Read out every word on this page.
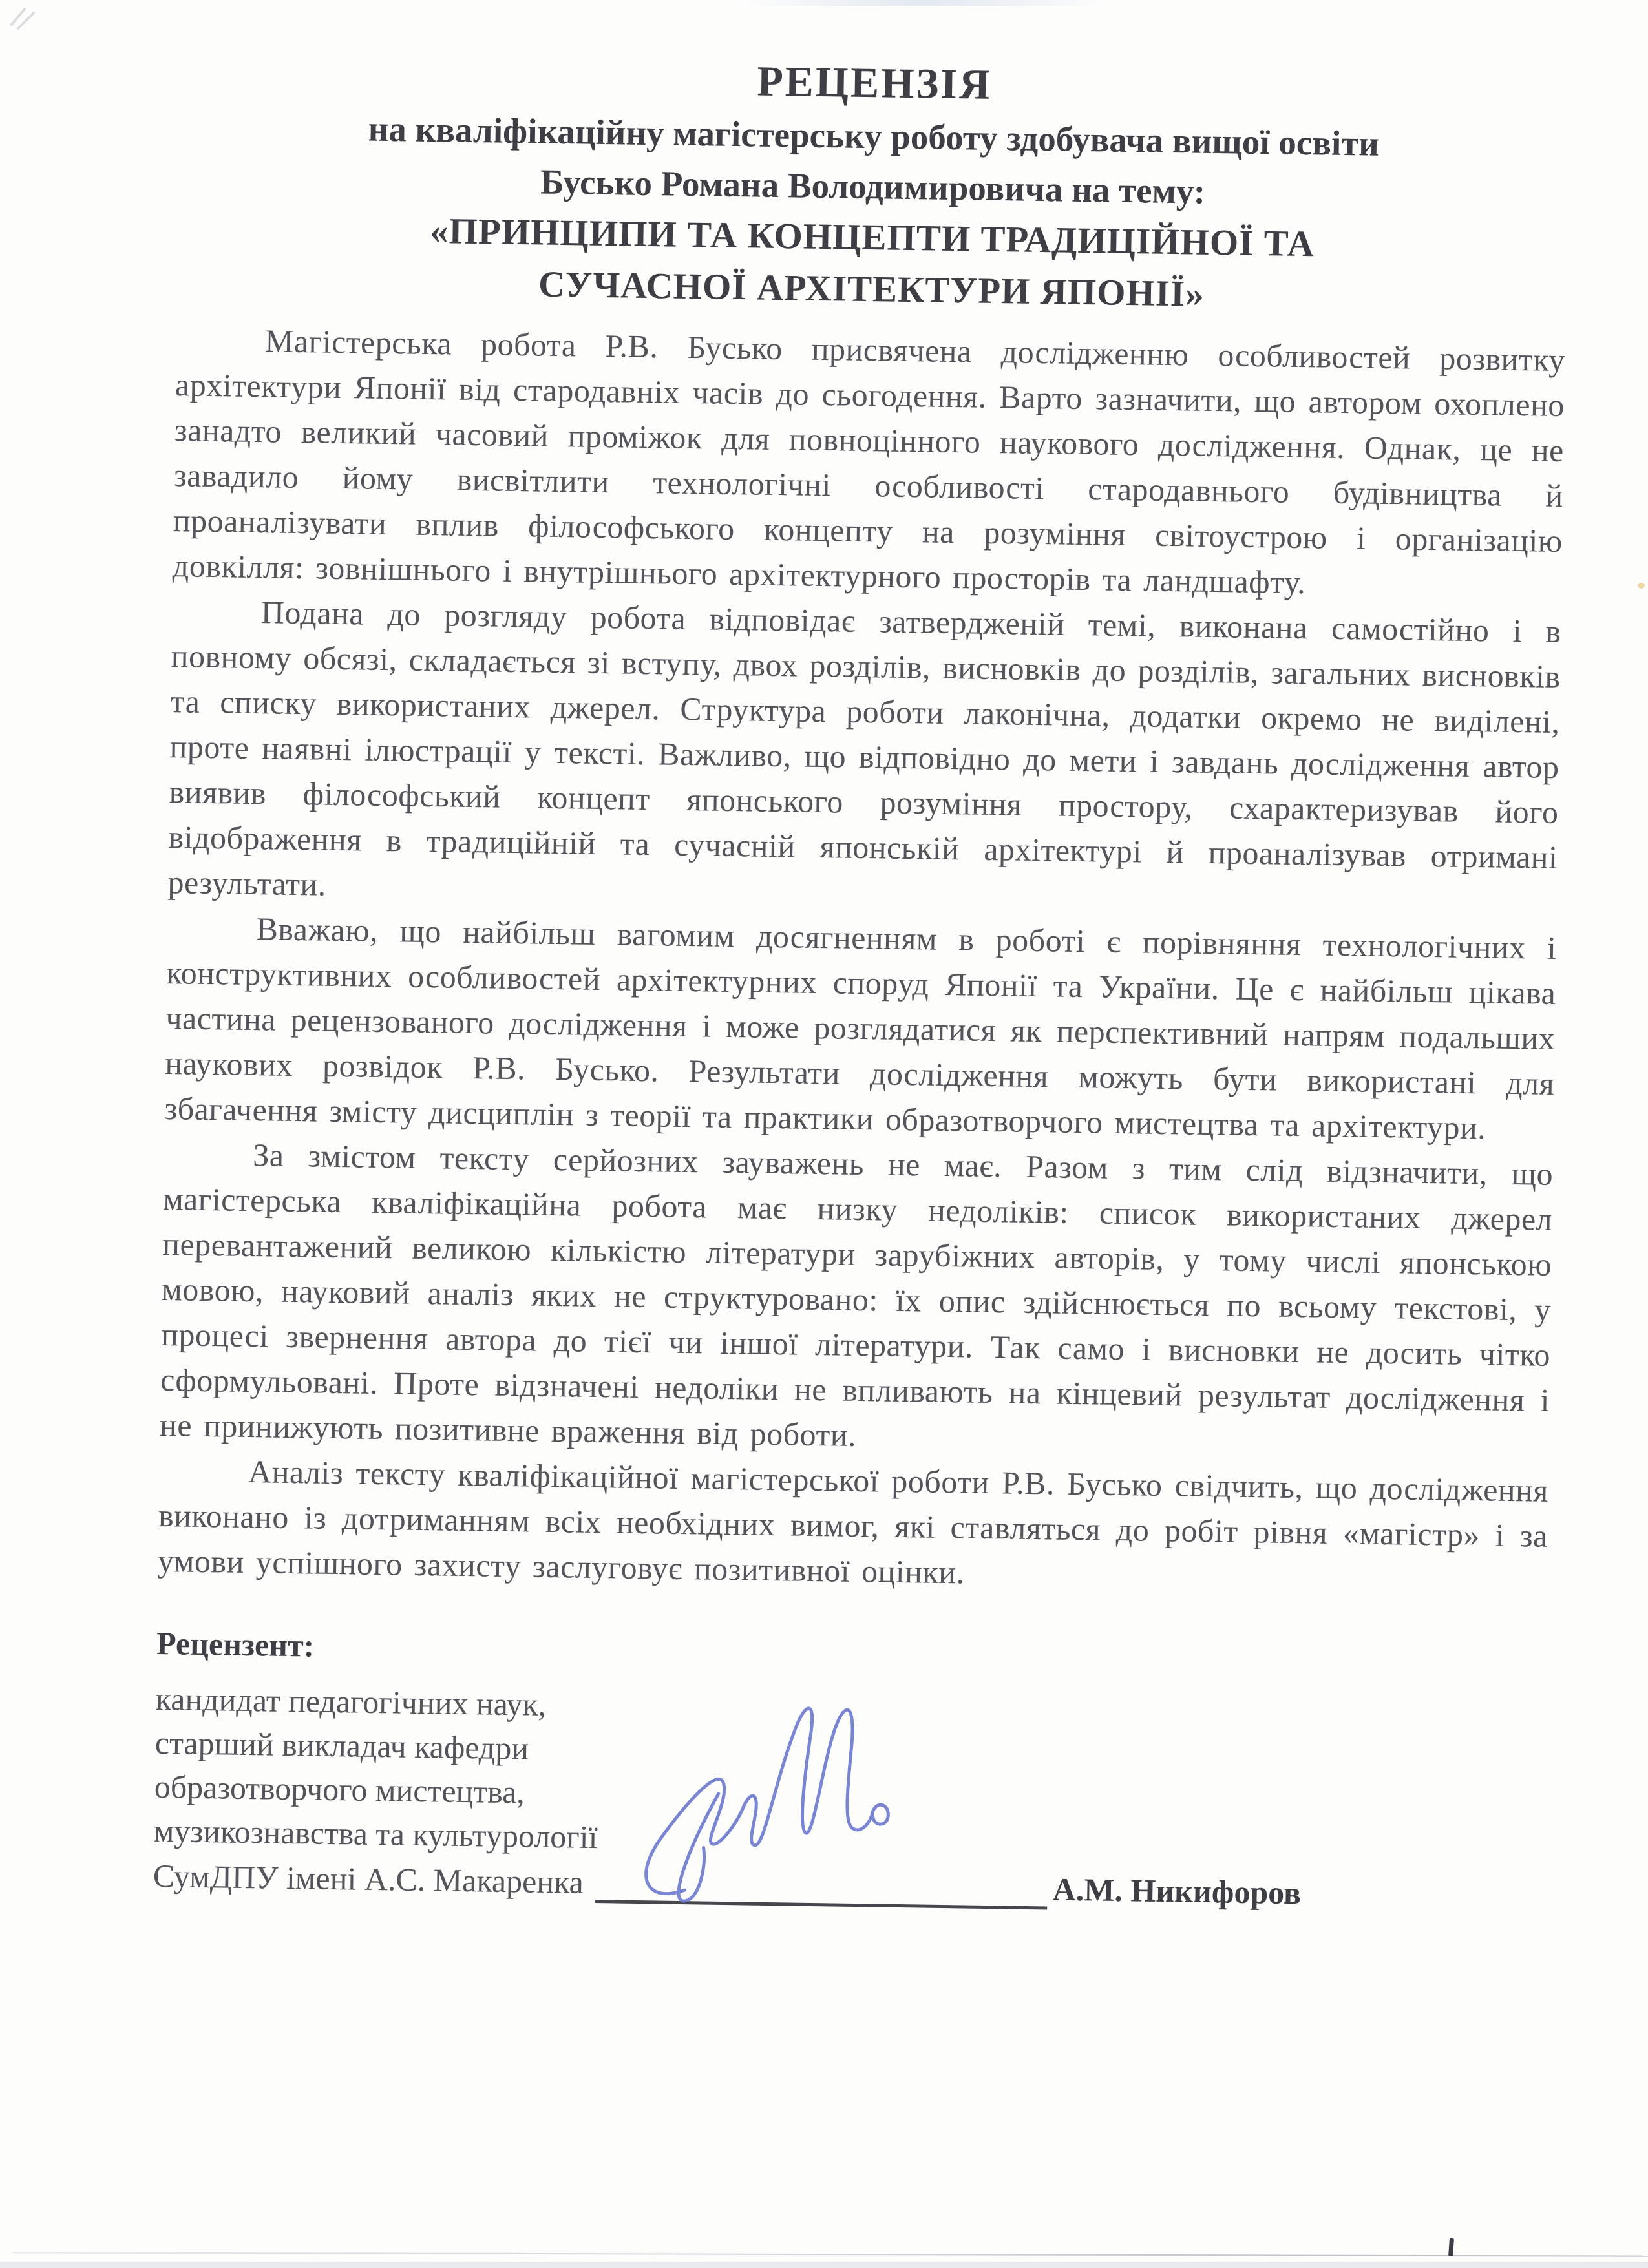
РЕЦЕНЗІЯ
на кваліфікаційну магістерську роботу здобувача вищої освіти
Бусько Романа Володимировича на тему:
«ПРИНЦИПИ ТА КОНЦЕПТИ ТРАДИЦІЙНОЇ ТА
СУЧАСНОЇ АРХІТЕКТУРИ ЯПОНІЇ»

Магістерська робота Р.В. Бусько присвячена дослідженню особливостей розвитку архітектури Японії від стародавніх часів до сьогодення. Варто зазначити, що автором охоплено занадто великий часовий проміжок для повноцінного наукового дослідження. Однак, це не завадило йому висвітлити технологічні особливості стародавнього будівництва й проаналізувати вплив філософського концепту на розуміння світоустрою і організацію довкілля: зовнішнього і внутрішнього архітектурного просторів та ландшафту.

Подана до розгляду робота відповідає затвердженій темі, виконана самостійно і в повному обсязі, складається зі вступу, двох розділів, висновків до розділів, загальних висновків та списку використаних джерел. Структура роботи лаконічна, додатки окремо не виділені, проте наявні ілюстрації у тексті. Важливо, що відповідно до мети і завдань дослідження автор виявив філософський концепт японського розуміння простору, схарактеризував його відображення в традиційній та сучасній японській архітектурі й проаналізував отримані результати.

Вважаю, що найбільш вагомим досягненням в роботі є порівняння технологічних і конструктивних особливостей архітектурних споруд Японії та України. Це є найбільш цікава частина рецензованого дослідження і може розглядатися як перспективний напрям подальших наукових розвідок Р.В. Бусько. Результати дослідження можуть бути використані для збагачення змісту дисциплін з теорії та практики образотворчого мистецтва та архітектури.

За змістом тексту серйозних зауважень не має. Разом з тим слід відзначити, що магістерська кваліфікаційна робота має низку недоліків: список використаних джерел перевантажений великою кількістю літератури зарубіжних авторів, у тому числі японською мовою, науковий аналіз яких не структуровано: їх опис здійснюється по всьому текстові, у процесі звернення автора до тієї чи іншої літератури. Так само і висновки не досить чітко сформульовані. Проте відзначені недоліки не впливають на кінцевий результат дослідження і не принижують позитивне враження від роботи.

Аналіз тексту кваліфікаційної магістерської роботи Р.В. Бусько свідчить, що дослідження виконано із дотриманням всіх необхідних вимог, які ставляться до робіт рівня «магістр» і за умови успішного захисту заслуговує позитивної оцінки.

Рецензент:
кандидат педагогічних наук,
старший викладач кафедри
образотворчого мистецтва,
музикознавства та культурології
СумДПУ імені А.С. Макаренка	А.М. Никифоров
